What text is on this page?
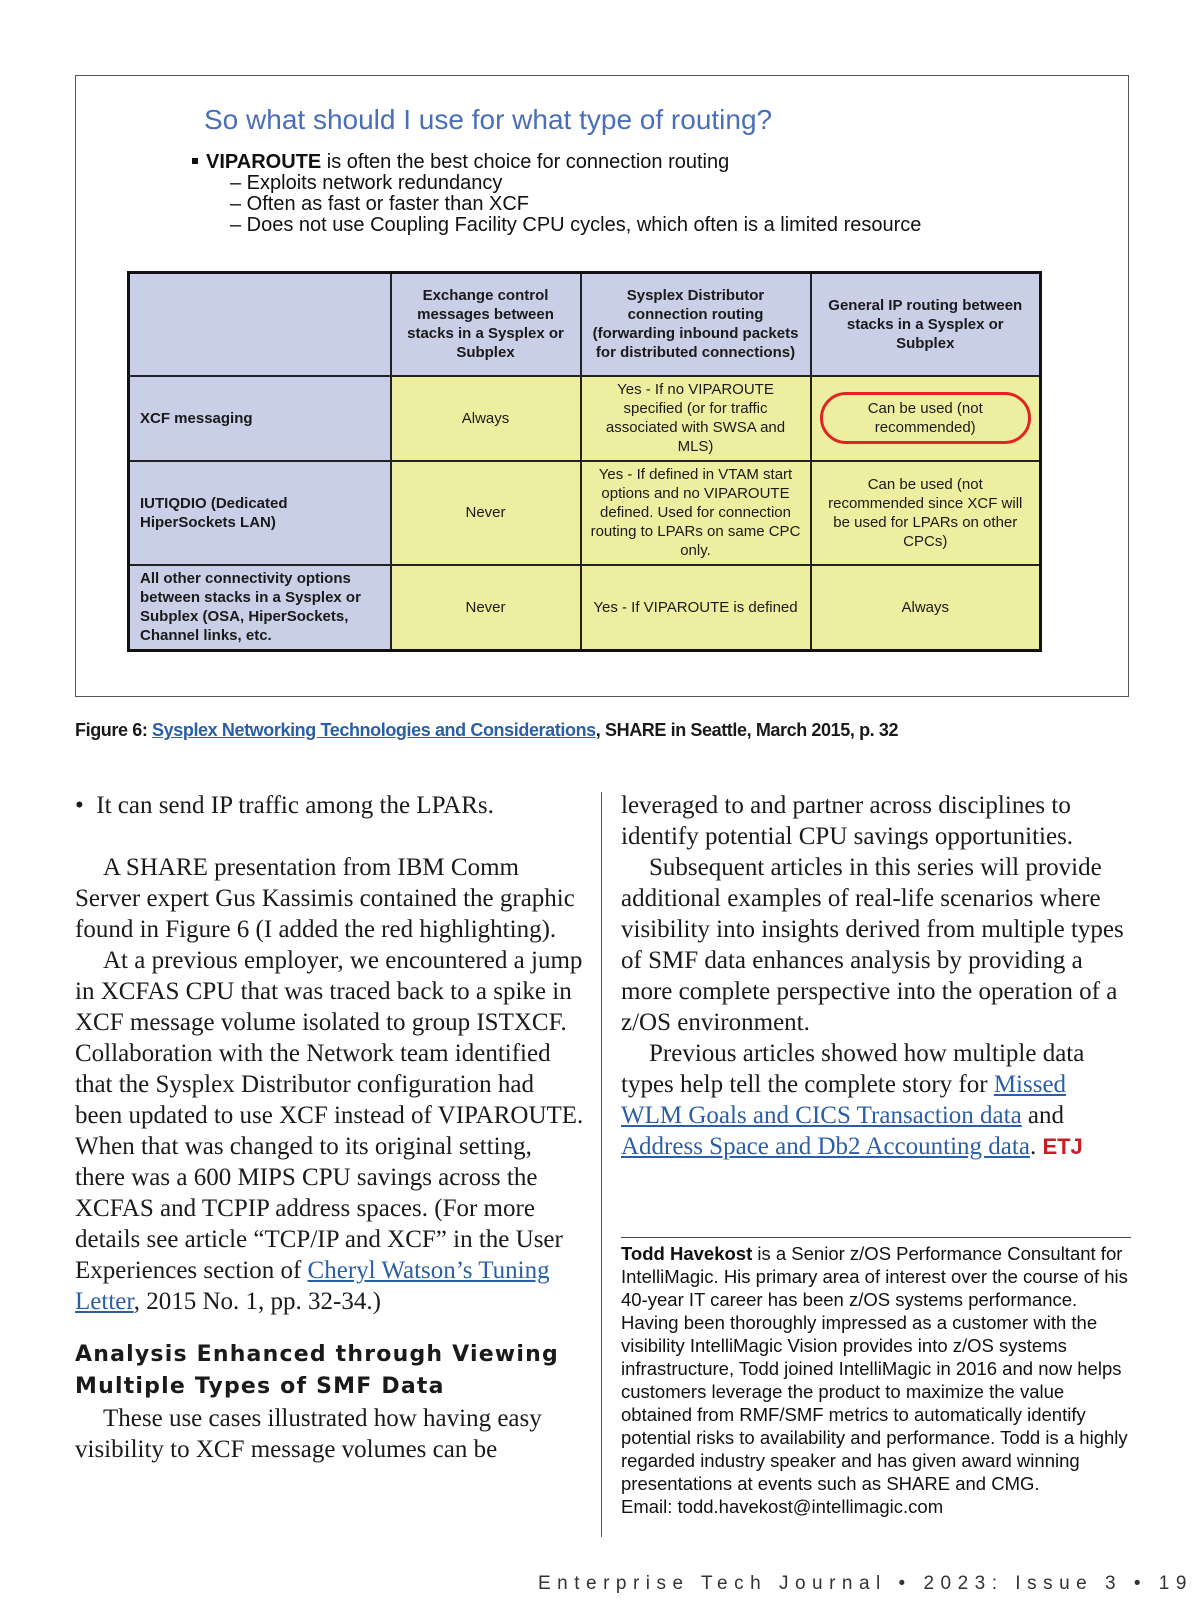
So what should I use for what type of routing?
VIPAROUTE is often the best choice for connection routing
– Exploits network redundancy
– Often as fast or faster than XCF
– Does not use Coupling Facility CPU cycles, which often is a limited resource
	Exchange control messages between stacks in a Sysplex or Subplex	Sysplex Distributor connection routing (forwarding inbound packets for distributed connections)	General IP routing between stacks in a Sysplex or Subplex
XCF messaging	Always	Yes - If no VIPAROUTE specified (or for traffic associated with SWSA and MLS)	Can be used (not recommended)
IUTIQDIO (Dedicated HiperSockets LAN)	Never	Yes - If defined in VTAM start options and no VIPAROUTE defined. Used for connection routing to LPARs on same CPC only.	Can be used (not recommended since XCF will be used for LPARs on other CPCs)
All other connectivity options between stacks in a Sysplex or Subplex (OSA, HiperSockets, Channel links, etc.	Never	Yes - If VIPAROUTE is defined	Always
Figure 6: Sysplex Networking Technologies and Considerations, SHARE in Seattle, March 2015, p. 32

•  It can send IP traffic among the LPARs.

A SHARE presentation from IBM Comm Server expert Gus Kassimis contained the graphic found in Figure 6 (I added the red highlighting).

At a previous employer, we encountered a jump in XCFAS CPU that was traced back to a spike in XCF message volume isolated to group ISTXCF. Collaboration with the Network team identified that the Sysplex Distributor configuration had been updated to use XCF instead of VIPAROUTE. When that was changed to its original setting, there was a 600 MIPS CPU savings across the XCFAS and TCPIP address spaces. (For more details see article “TCP/IP and XCF” in the User Experiences section of Cheryl Watson’s Tuning Letter, 2015 No. 1, pp. 32-34.)

Analysis Enhanced through Viewing Multiple Types of SMF Data

These use cases illustrated how having easy visibility to XCF message volumes can be

leveraged to and partner across disciplines to identify potential CPU savings opportunities.

Subsequent articles in this series will provide additional examples of real-life scenarios where visibility into insights derived from multiple types of SMF data enhances analysis by providing a more complete perspective into the operation of a z/OS environment.

Previous articles showed how multiple data types help tell the complete story for Missed WLM Goals and CICS Transaction data and Address Space and Db2 Accounting data. ETJ

Todd Havekost is a Senior z/OS Performance Consultant for IntelliMagic. His primary area of interest over the course of his 40-year IT career has been z/OS systems performance. Having been thoroughly impressed as a customer with the visibility IntelliMagic Vision provides into z/OS systems infrastructure, Todd joined IntelliMagic in 2016 and now helps customers leverage the product to maximize the value obtained from RMF/SMF metrics to automatically identify potential risks to availability and performance. Todd is a highly regarded industry speaker and has given award winning presentations at events such as SHARE and CMG.
Email: todd.havekost@intellimagic.com
Enterprise Tech Journal • 2023: Issue 3 • 19
